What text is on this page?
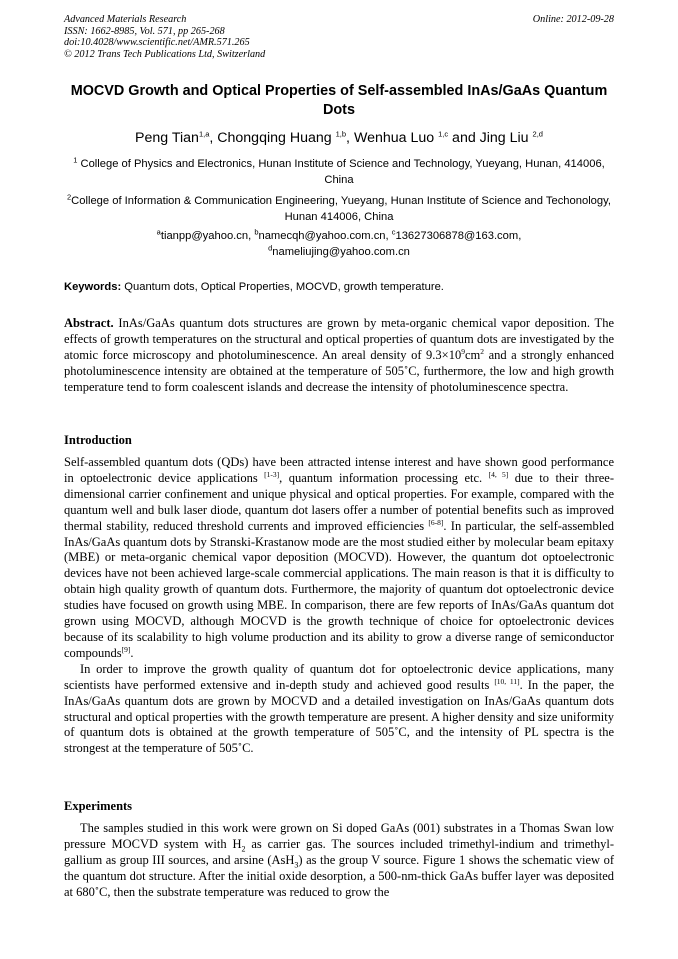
Advanced Materials Research
ISSN: 1662-8985, Vol. 571, pp 265-268
doi:10.4028/www.scientific.net/AMR.571.265
© 2012 Trans Tech Publications Ltd, Switzerland
Online: 2012-09-28
MOCVD Growth and Optical Properties of Self-assembled InAs/GaAs Quantum Dots
Peng Tian$^{1,a}$, Chongqing Huang $^{1,b}$, Wenhua Luo $^{1,c}$ and Jing Liu $^{2,d}$
$^1$ College of Physics and Electronics, Hunan Institute of Science and Technology, Yueyang, Hunan, 414006, China
$^2$College of Information & Communication Engineering, Yueyang, Hunan Institute of Science and Techonology, Hunan 414006, China
$^a$tianpp@yahoo.cn, $^b$namecqh@yahoo.com.cn, $^c$13627306878@163.com,
$^d$nameliujing@yahoo.com.cn
Keywords: Quantum dots, Optical Properties, MOCVD, growth temperature.
Abstract. InAs/GaAs quantum dots structures are grown by meta-organic chemical vapor deposition. The effects of growth temperatures on the structural and optical properties of quantum dots are investigated by the atomic force microscopy and photoluminescence. An areal density of $9.3\times 10^9cm^2$ and a strongly enhanced photoluminescence intensity are obtained at the temperature of 505˚C, furthermore, the low and high growth temperature tend to form coalescent islands and decrease the intensity of photoluminescence spectra.
Introduction

Self-assembled quantum dots (QDs) have been attracted intense interest and have shown good performance in optoelectronic device applications [1-3], quantum information processing etc. [4, 5] due to their three-dimensional carrier confinement and unique physical and optical properties. For example, compared with the quantum well and bulk laser diode, quantum dot lasers offer a number of potential benefits such as improved thermal stability, reduced threshold currents and improved efficiencies [6-8]. In particular, the self-assembled InAs/GaAs quantum dots by Stranski-Krastanow mode are the most studied either by molecular beam epitaxy (MBE) or meta-organic chemical vapor deposition (MOCVD). However, the quantum dot optoelectronic devices have not been achieved large-scale commercial applications. The main reason is that it is difficulty to obtain high quality growth of quantum dots. Furthermore, the majority of quantum dot optoelectronic device studies have focused on growth using MBE. In comparison, there are few reports of InAs/GaAs quantum dot grown using MOCVD, although MOCVD is the growth technique of choice for optoelectronic devices because of its scalability to high volume production and its ability to grow a diverse range of semiconductor compounds[9].

In order to improve the growth quality of quantum dot for optoelectronic device applications, many scientists have performed extensive and in-depth study and achieved good results [10, 11]. In the paper, the InAs/GaAs quantum dots are grown by MOCVD and a detailed investigation on InAs/GaAs quantum dots structural and optical properties with the growth temperature are present. A higher density and size uniformity of quantum dots is obtained at the growth temperature of 505˚C, and the intensity of PL spectra is the strongest at the temperature of 505˚C.

Experiments

The samples studied in this work were grown on Si doped GaAs (001) substrates in a Thomas Swan low pressure MOCVD system with $H_2$ as carrier gas. The sources included trimethyl-indium and trimethyl-gallium as group III sources, and arsine (AsH$_3$) as the group V source. Figure 1 shows the schematic view of the quantum dot structure. After the initial oxide desorption, a 500-nm-thick GaAs buffer layer was deposited at 680˚C, then the substrate temperature was reduced to grow the
